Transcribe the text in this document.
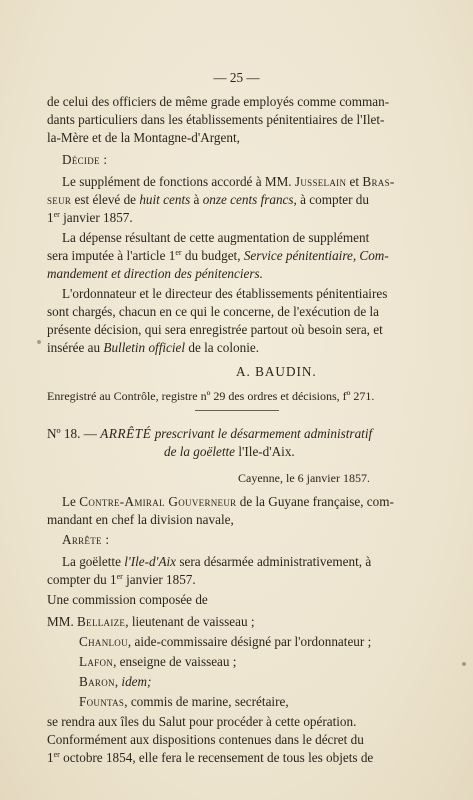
— 25 —
de celui des officiers de même grade employés comme comman-
dants particuliers dans les établissements pénitentiaires de l'Ilet-
la-Mère et de la Montagne-d'Argent,
Décide :
Le supplément de fonctions accordé à MM. Jusselain et Bras-
seur est élevé de huit cents à onze cents francs, à compter du
1er janvier 1857.
La dépense résultant de cette augmentation de supplément
sera imputée à l'article 1er du budget, Service pénitentiaire, Com-
mandement et direction des pénitenciers.
L'ordonnateur et le directeur des établissements pénitentiaires
sont chargés, chacun en ce qui le concerne, de l'exécution de la
présente décision, qui sera enregistrée partout où besoin sera, et
insérée au Bulletin officiel de la colonie.
A. BAUDIN.
Enregistré au Contrôle, registre nº 29 des ordres et décisions, fº 271.
Nº 18. — ARRÊTÉ prescrivant le désarmement administratif
de la goëlette l'Ile-d'Aix.
Cayenne, le 6 janvier 1857.
Le Contre-Amiral Gouverneur de la Guyane française, com-
mandant en chef la division navale,
Arrête :
La goëlette l'Ile-d'Aix sera désarmée administrativement, à
compter du 1er janvier 1857.
Une commission composée de
MM. Bellaize, lieutenant de vaisseau ;
Chanlou, aide-commissaire désigné par l'ordonnateur ;
Lafon, enseigne de vaisseau ;
Baron, idem;
Fountas, commis de marine, secrétaire,
se rendra aux îles du Salut pour procéder à cette opération.
Conformément aux dispositions contenues dans le décret du
1er octobre 1854, elle fera le recensement de tous les objets de
